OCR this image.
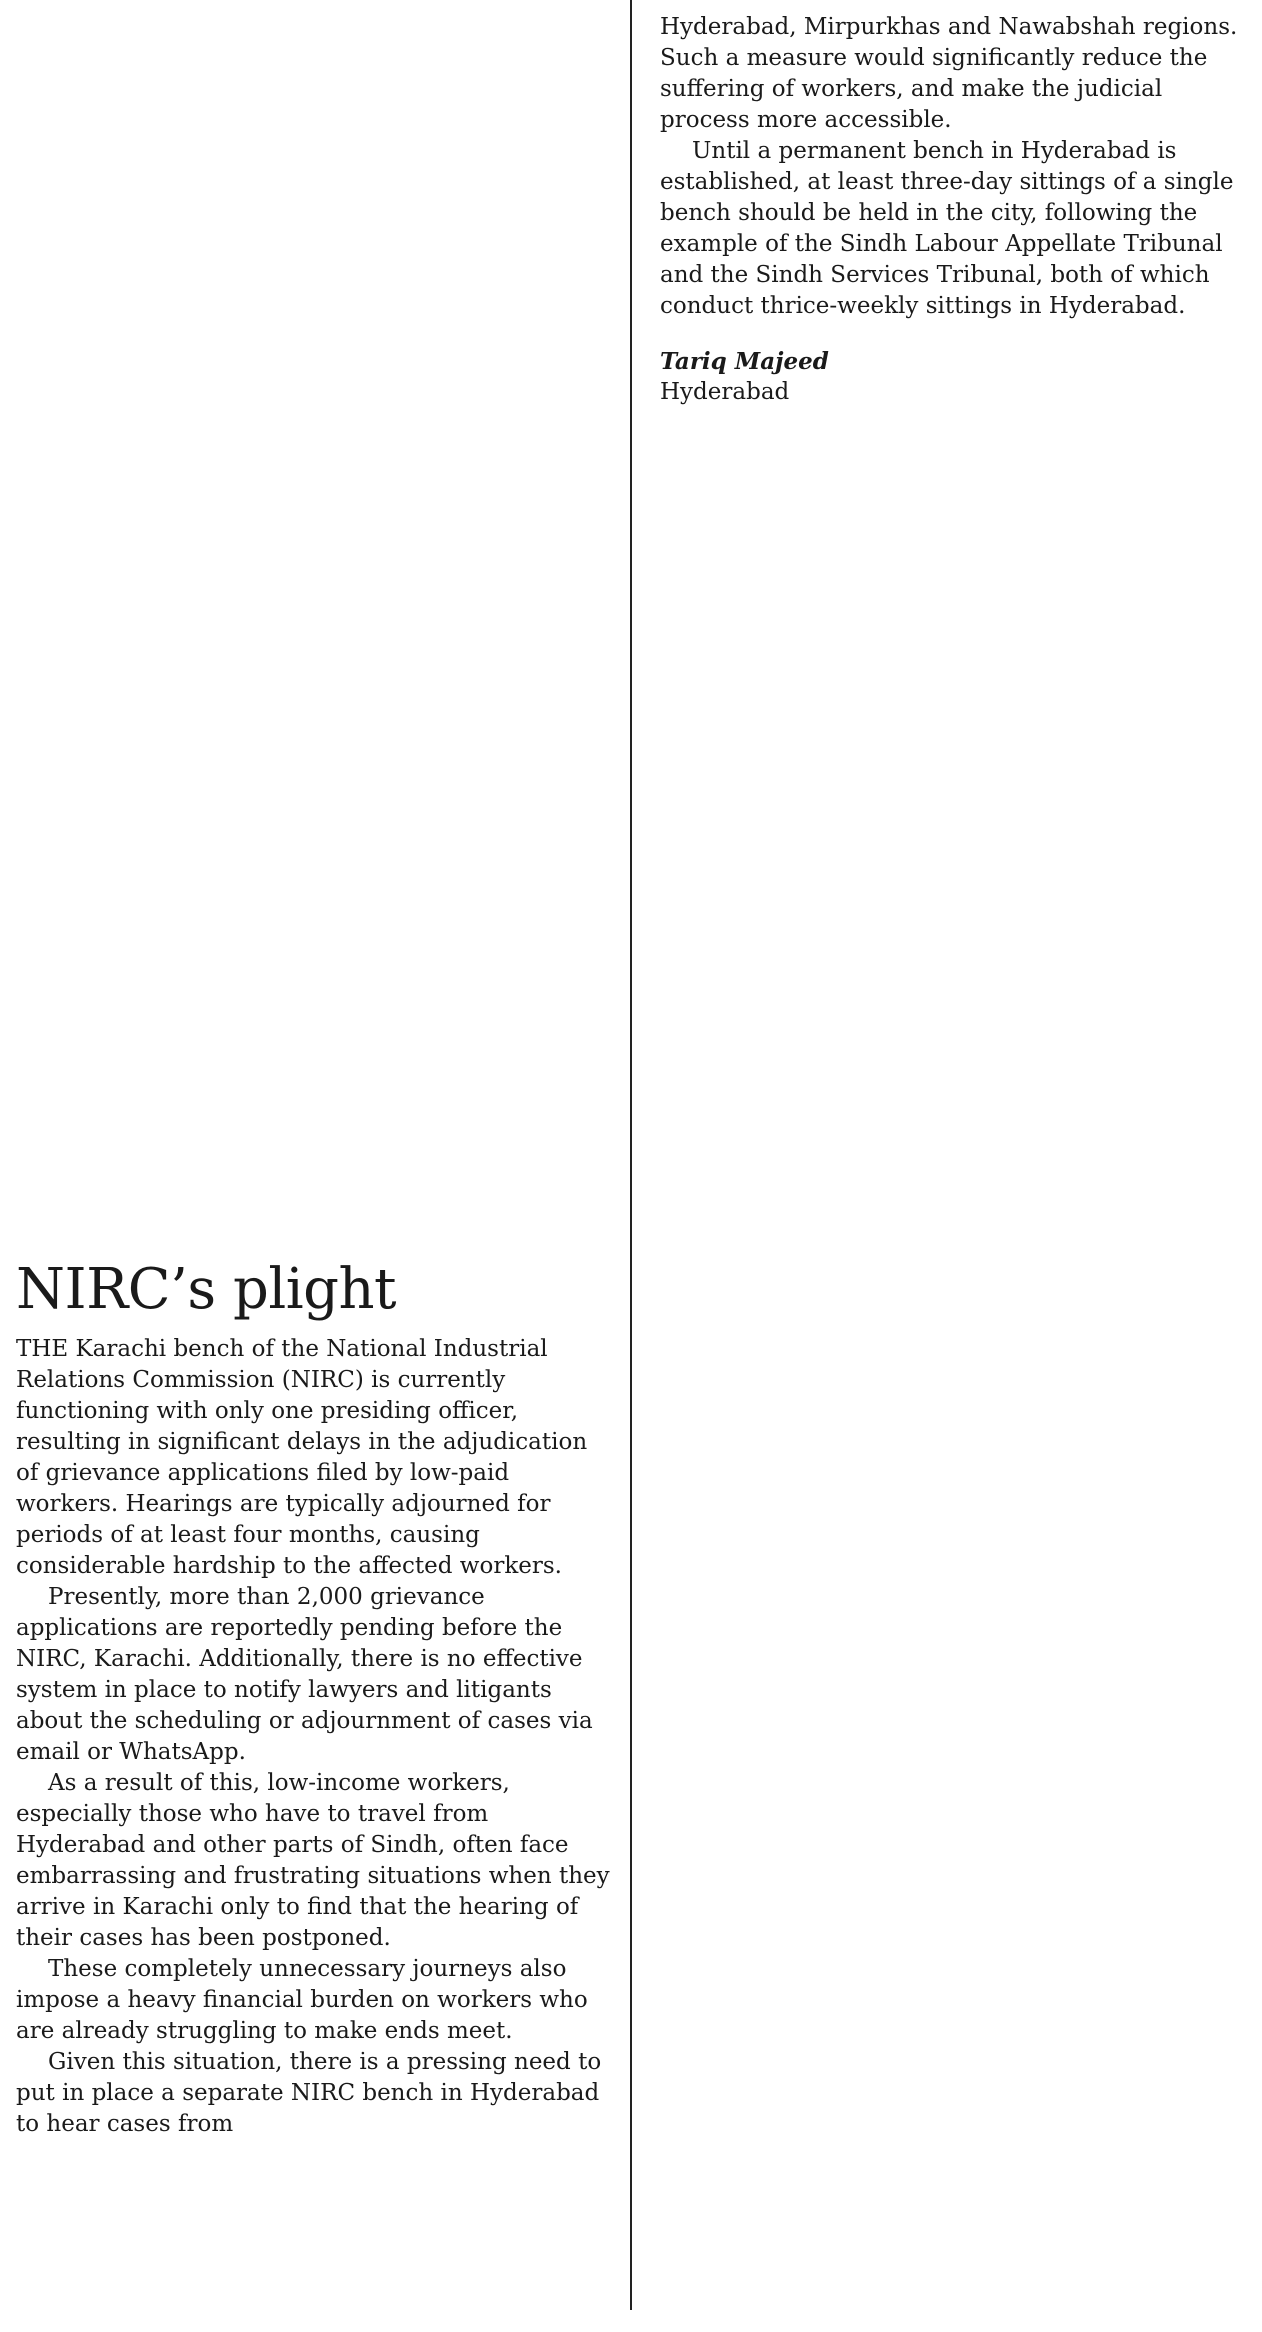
NIRC’s plight

THE Karachi bench of the National Industrial Relations Commission (NIRC) is currently functioning with only one presiding officer, resulting in significant delays in the adjudication of grievance applications filed by low-paid workers. Hearings are typically adjourned for periods of at least four months, causing considerable hardship to the affected workers.

Presently, more than 2,000 grievance applications are reportedly pending before the NIRC, Karachi. Additionally, there is no effective system in place to notify lawyers and litigants about the scheduling or adjournment of cases via email or WhatsApp.

As a result of this, low-income workers, especially those who have to travel from Hyderabad and other parts of Sindh, often face embarrassing and frustrating situations when they arrive in Karachi only to find that the hearing of their cases has been postponed.

These completely unnecessary journeys also impose a heavy financial burden on workers who are already struggling to make ends meet.

Given this situation, there is a pressing need to put in place a separate NIRC bench in Hyderabad to hear cases from

Hyderabad, Mirpurkhas and Nawabshah regions. Such a measure would significantly reduce the suffering of workers, and make the judicial process more accessible.

Until a permanent bench in Hyderabad is established, at least three-day sittings of a single bench should be held in the city, following the example of the Sindh Labour Appellate Tribunal and the Sindh Services Tribunal, both of which conduct thrice-weekly sittings in Hyderabad.

Tariq Majeed

Hyderabad
